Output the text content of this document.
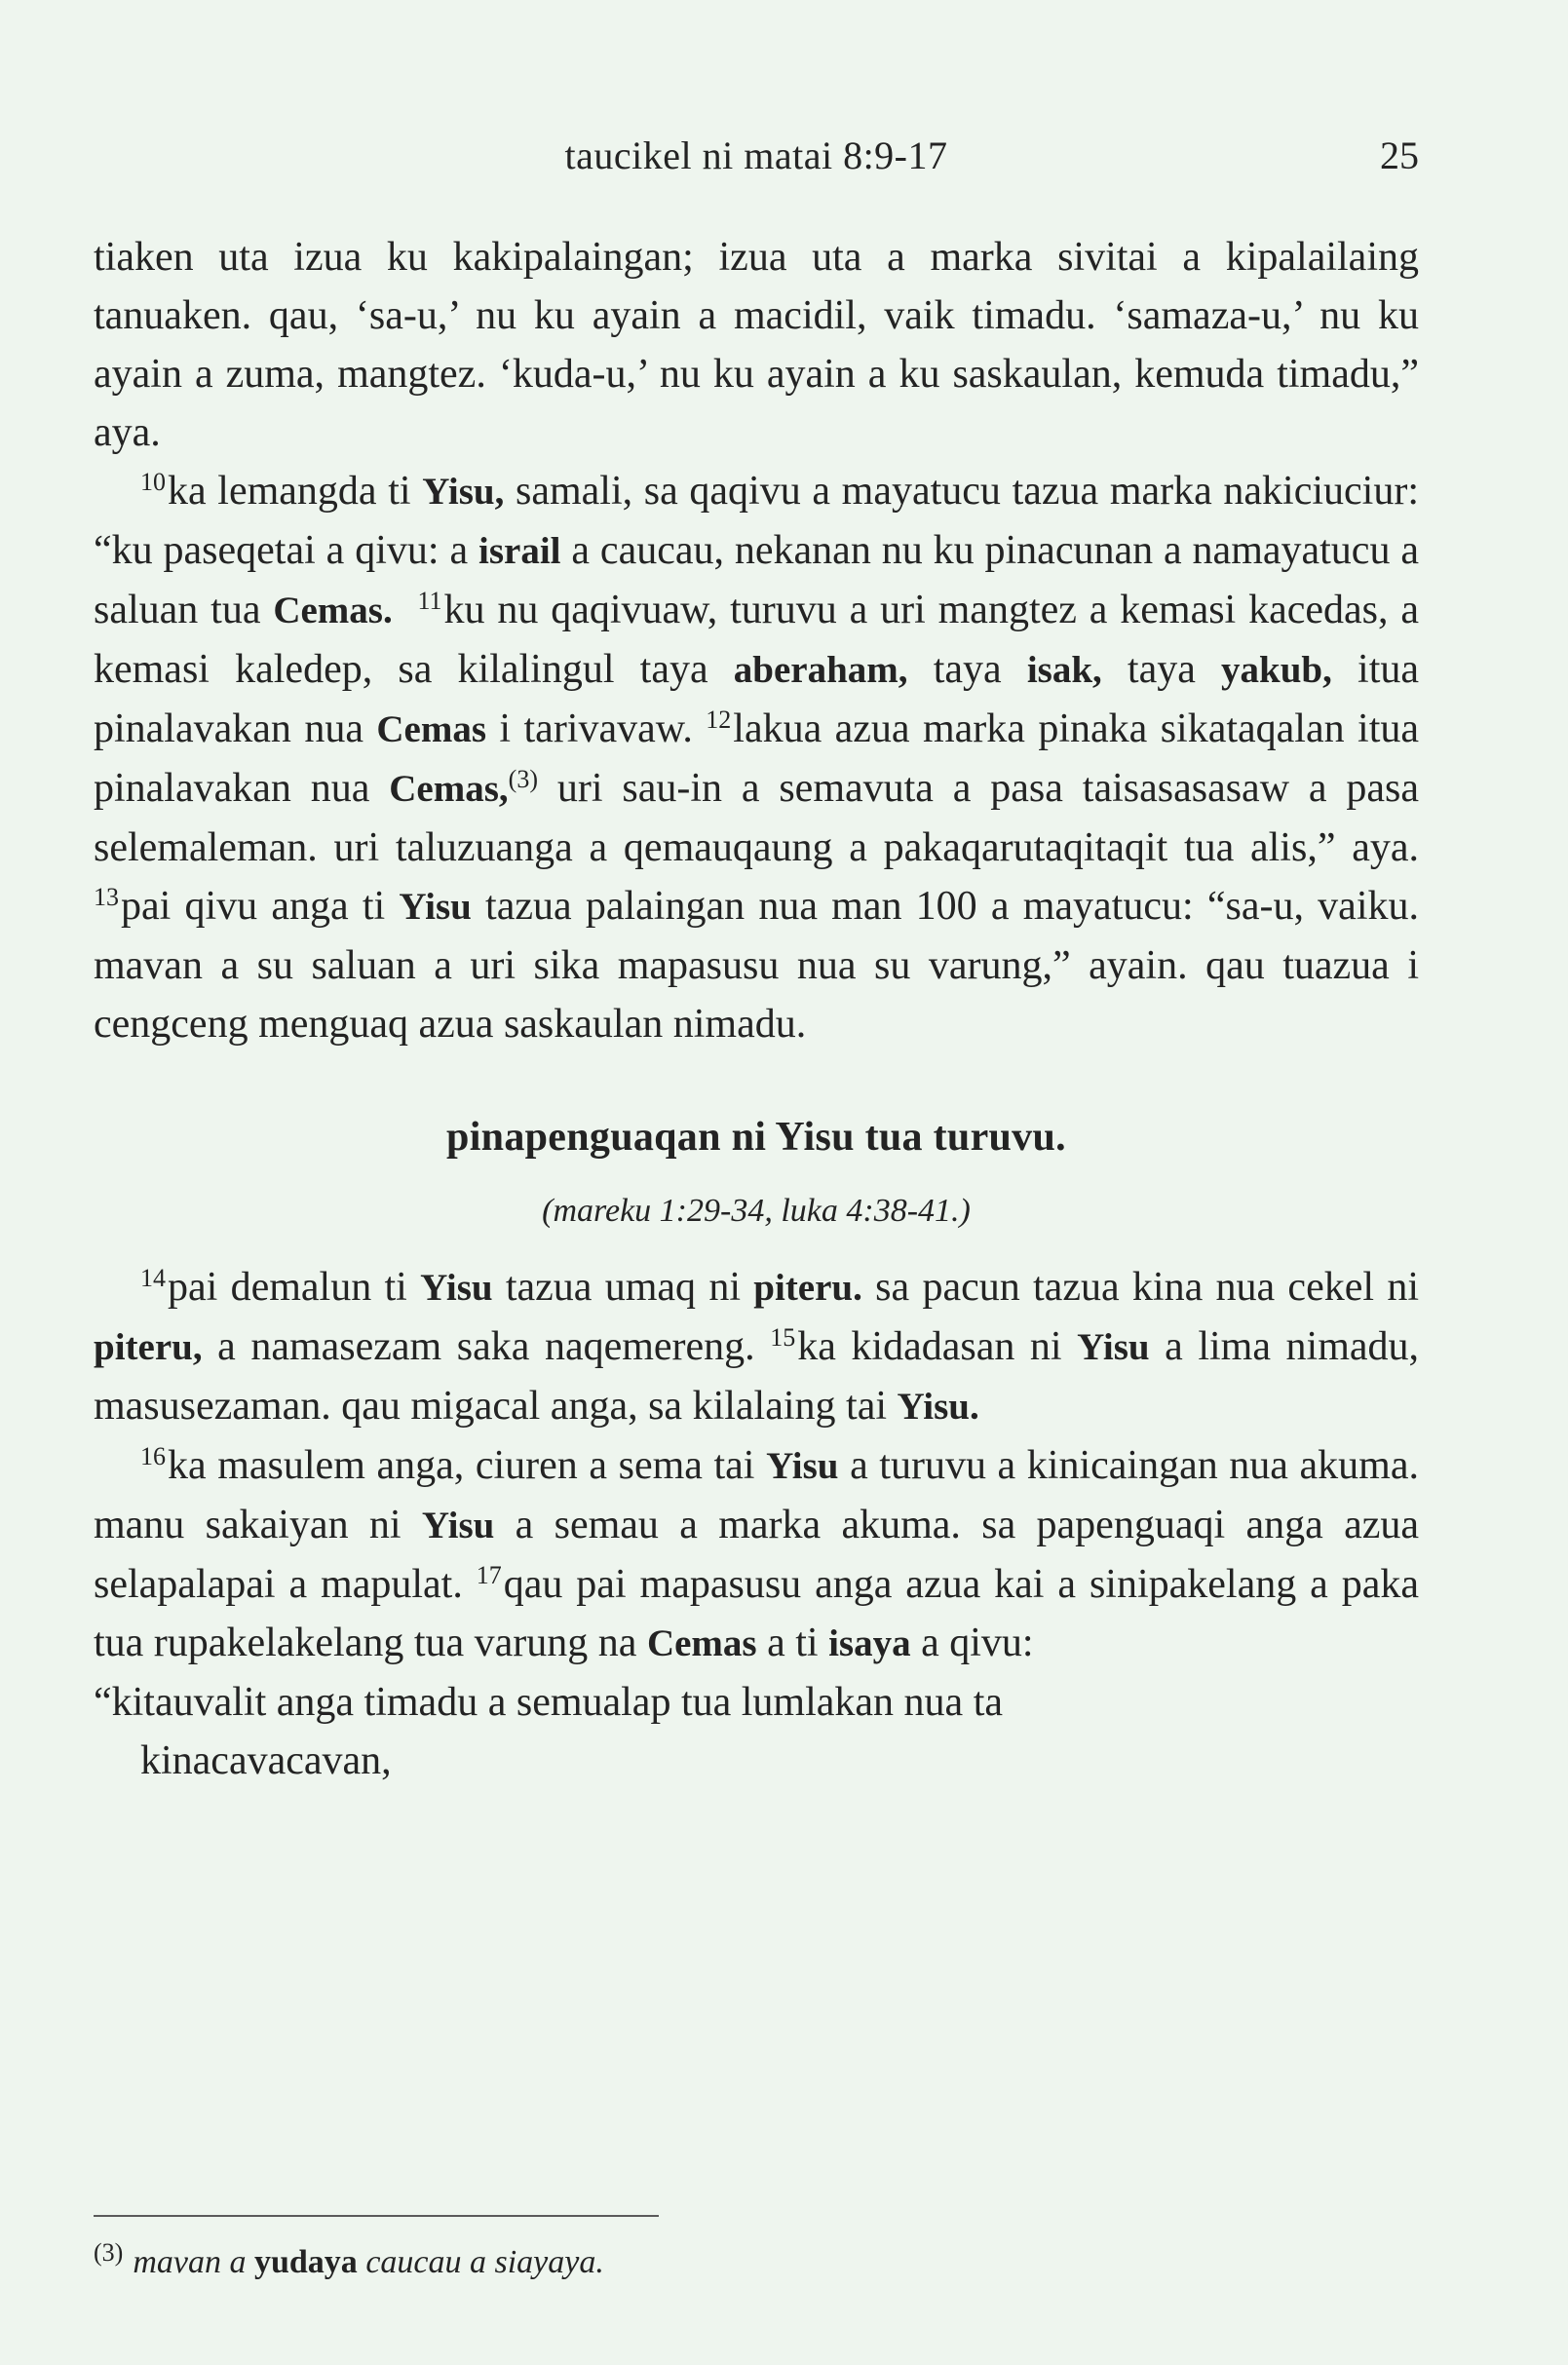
taucikel ni matai 8:9-17	25

tiaken uta izua ku kakipalaingan; izua uta a marka sivitai a kipalailaing tanuaken. qau, ‘sa-u,’ nu ku ayain a macidil, vaik timadu. ‘samaza-u,’ nu ku ayain a zuma, mangtez. ‘kuda-u,’ nu ku ayain a ku saskaulan, kemuda timadu,” aya.

$^{10}$ka lemangda ti Yisu, samali, sa qaqivu a mayatucu tazua marka nakiciuciur: “ku paseqetai a qivu: a israil a caucau, nekanan nu ku pinacunan a namayatucu a saluan tua Cemas. $^{11}$ku nu qaqivuaw, turuvu a uri mangtez a kemasi kacedas, a kemasi kaledep, sa kilalingul taya aberaham, taya isak, taya yakub, itua pinalavakan nua Cemas i tarivavaw. $^{12}$lakua azua marka pinaka sikataqalan itua pinalavakan nua Cemas,$^{(3)}$ uri sau-in a semavuta a pasa taisasasasaw a pasa selemaleman. uri taluzuanga a qemauqaung a pakaqarutaqitaqit tua alis,” aya. $^{13}$pai qivu anga ti Yisu tazua palaingan nua man 100 a mayatucu: “sa-u, vaiku. mavan a su saluan a uri sika mapasusu nua su varung,” ayain. qau tuazua i cengceng menguaq azua saskaulan nimadu.

pinapenguaqan ni Yisu tua turuvu.
(mareku 1:29-34, luka 4:38-41.)

$^{14}$pai demalun ti Yisu tazua umaq ni piteru. sa pacun tazua kina nua cekel ni piteru, a namasezam saka naqemereng. $^{15}$ka kidadasan ni Yisu a lima nimadu, masusezaman. qau migacal anga, sa kilalaing tai Yisu.

$^{16}$ka masulem anga, ciuren a sema tai Yisu a turuvu a kinicaingan nua akuma. manu sakaiyan ni Yisu a semau a marka akuma. sa papenguaqi anga azua selapalapai a mapulat. $^{17}$qau pai mapasusu anga azua kai a sinipakelang a paka tua rupakelakelang tua varung na Cemas a ti isaya a qivu:

“kitauvalit anga timadu a semualap tua lumlakan nua ta
kinacavacavan,

$^{(3)}$ mavan a yudaya caucau a siayaya.
